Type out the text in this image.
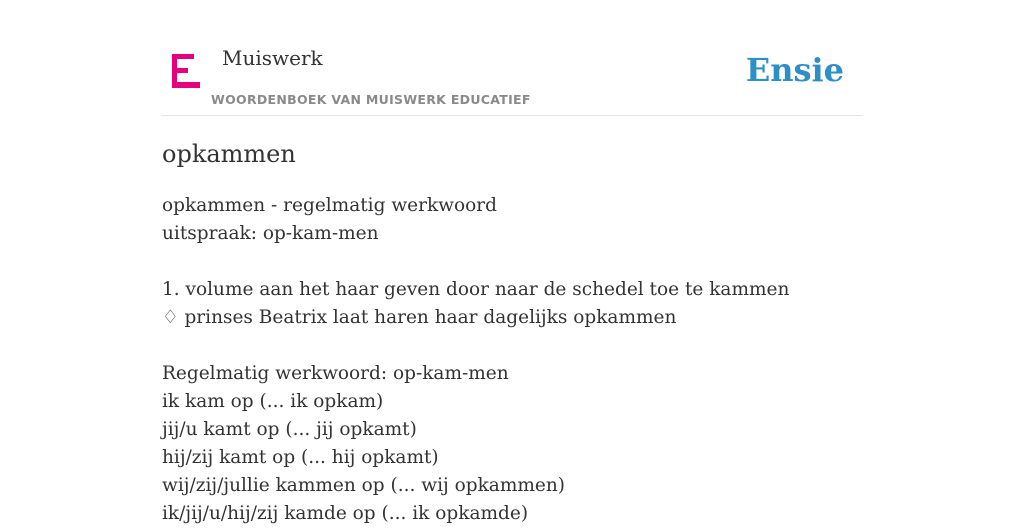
Muiswerk
WOORDENBOEK VAN MUISWERK EDUCATIEF
Ensie
opkammen
opkammen - regelmatig werkwoord
uitspraak: op-kam-men
1. volume aan het haar geven door naar de schedel toe te kammen
♢ prinses Beatrix laat haren haar dagelijks opkammen
Regelmatig werkwoord: op-kam-men
ik kam op (... ik opkam)
jij/u kamt op (... jij opkamt)
hij/zij kamt op (... hij opkamt)
wij/zij/jullie kammen op (... wij opkammen)
ik/jij/u/hij/zij kamde op (... ik opkamde)
